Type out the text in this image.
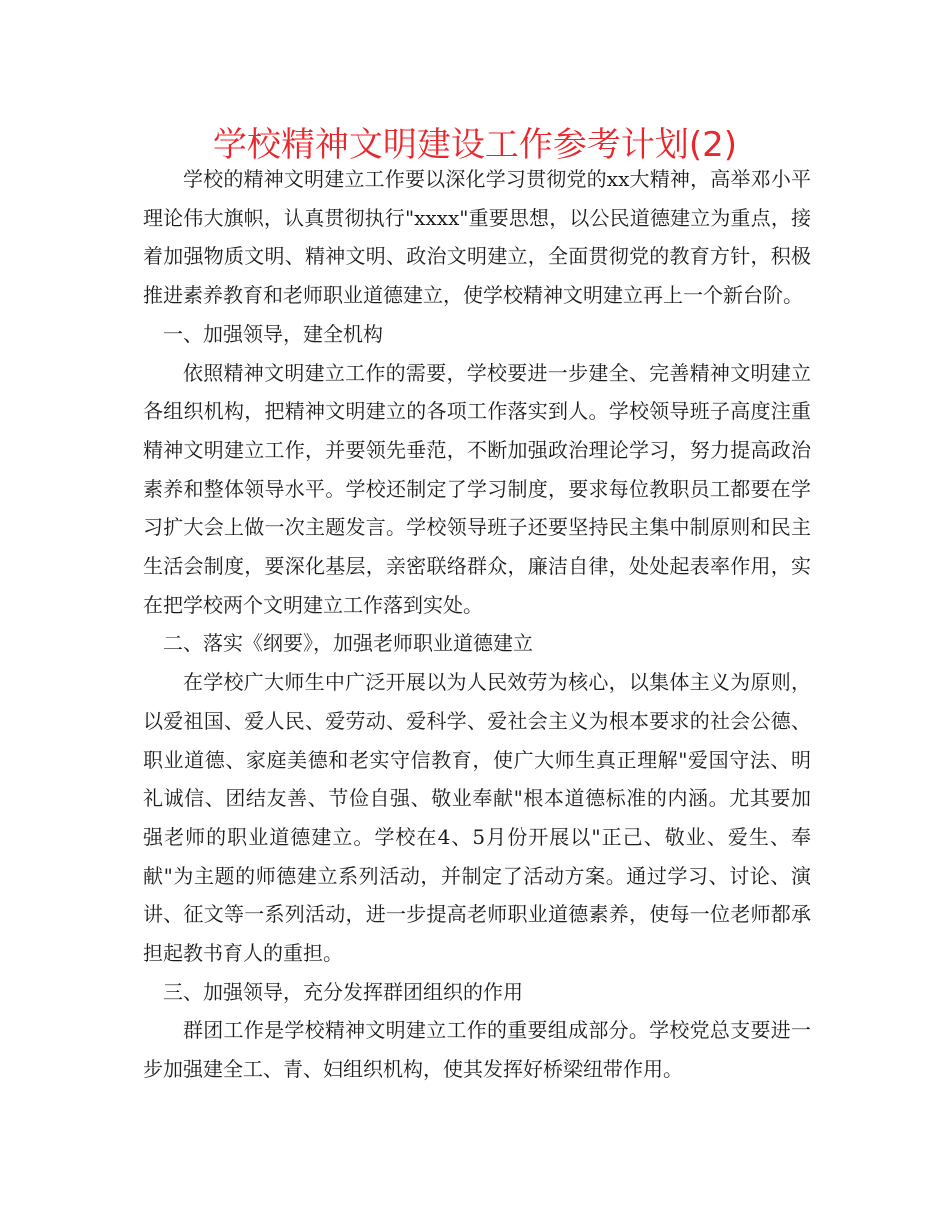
学校精神文明建设工作参考计划(2)

学校的精神文明建立工作要以深化学习贯彻党的xx大精神，高举邓小平理论伟大旗帜，认真贯彻执行"xxxx"重要思想，以公民道德建立为重点，接着加强物质文明、精神文明、政治文明建立，全面贯彻党的教育方针，积极推进素养教育和老师职业道德建立，使学校精神文明建立再上一个新台阶。

一、加强领导，建全机构

依照精神文明建立工作的需要，学校要进一步建全、完善精神文明建立各组织机构，把精神文明建立的各项工作落实到人。学校领导班子高度注重精神文明建立工作，并要领先垂范，不断加强政治理论学习，努力提高政治素养和整体领导水平。学校还制定了学习制度，要求每位教职员工都要在学习扩大会上做一次主题发言。学校领导班子还要坚持民主集中制原则和民主生活会制度，要深化基层，亲密联络群众，廉洁自律，处处起表率作用，实在把学校两个文明建立工作落到实处。

二、落实《纲要》，加强老师职业道德建立

在学校广大师生中广泛开展以为人民效劳为核心，以集体主义为原则，以爱祖国、爱人民、爱劳动、爱科学、爱社会主义为根本要求的社会公德、职业道德、家庭美德和老实守信教育，使广大师生真正理解"爱国守法、明礼诚信、团结友善、节俭自强、敬业奉献"根本道德标准的内涵。尤其要加强老师的职业道德建立。学校在4、5月份开展以"正己、敬业、爱生、奉献"为主题的师德建立系列活动，并制定了活动方案。通过学习、讨论、演讲、征文等一系列活动，进一步提高老师职业道德素养，使每一位老师都承担起教书育人的重担。

三、加强领导，充分发挥群团组织的作用

群团工作是学校精神文明建立工作的重要组成部分。学校党总支要进一步加强建全工、青、妇组织机构，使其发挥好桥梁纽带作用。
